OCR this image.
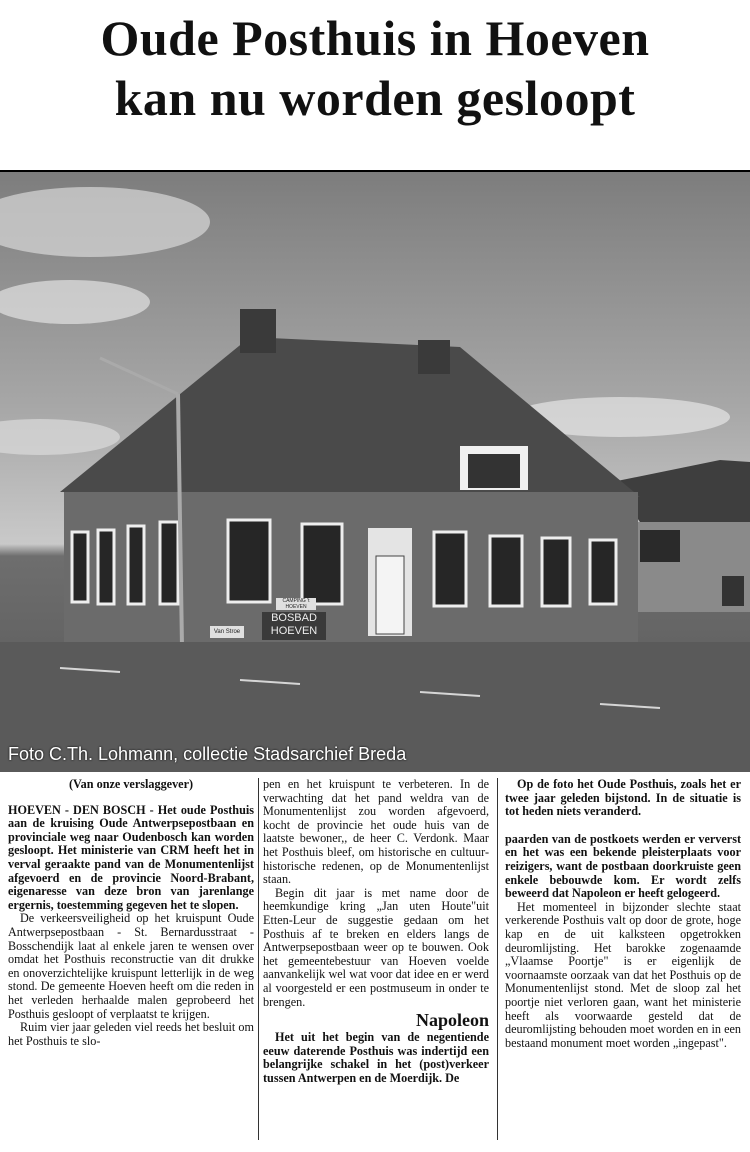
Oude Posthuis in Hoeven
kan nu worden gesloopt
BOSBAD
HOEVEN
CAMPING 't HOEVEN
Van Stroe
Foto C.Th. Lohmann, collectie Stadsarchief Breda

(Van onze verslaggever)

HOEVEN - DEN BOSCH - Het oude Posthuis aan de kruising Oude Antwerpsepostbaan en provinciale weg naar Oudenbosch kan worden gesloopt. Het ministerie van CRM heeft het in verval geraakte pand van de Monumentenlijst afgevoerd en de provincie Noord-Brabant, eigenaresse van deze bron van jarenlange ergernis, toestemming gegeven het te slopen.

De verkeersveiligheid op het kruispunt Oude Antwerpsepostbaan - St. Bernardusstraat - Bosschendijk laat al enkele jaren te wensen over omdat het Posthuis reconstructie van dit drukke en onoverzichtelijke kruispunt letterlijk in de weg stond. De gemeente Hoeven heeft om die reden in het verleden herhaalde malen geprobeerd het Posthuis gesloopt of verplaatst te krijgen.

Ruim vier jaar geleden viel reeds het besluit om het Posthuis te slo-

pen en het kruispunt te verbeteren. In de verwachting dat het pand weldra van de Monumentenlijst zou worden afgevoerd, kocht de provincie het oude huis van de laatste bewoner,, de heer C. Verdonk. Maar het Posthuis bleef, om historische en cultuur-historische redenen, op de Monumentenlijst staan.

Begin dit jaar is met name door de heemkundige kring „Jan uten Houte"uit Etten-Leur de suggestie gedaan om het Posthuis af te breken en elders langs de Antwerpsepostbaan weer op te bouwen. Ook het gemeentebestuur van Hoeven voelde aanvankelijk wel wat voor dat idee en er werd al voorgesteld er een postmuseum in onder te brengen.

Napoleon

Het uit het begin van de negentiende eeuw daterende Posthuis was indertijd een belangrijke schakel in het (post)verkeer tussen Antwerpen en de Moerdijk. De

Op de foto het Oude Posthuis, zoals het er twee jaar geleden bijstond. In de situatie is tot heden niets veranderd.

paarden van de postkoets werden er ververst en het was een bekende pleisterplaats voor reizigers, want de postbaan doorkruiste geen enkele bebouwde kom. Er wordt zelfs beweerd dat Napoleon er heeft gelogeerd.

Het momenteel in bijzonder slechte staat verkerende Posthuis valt op door de grote, hoge kap en de uit kalksteen opgetrokken deuromlijsting. Het barokke zogenaamde „Vlaamse Poortje" is er eigenlijk de voornaamste oorzaak van dat het Posthuis op de Monumentenlijst stond. Met de sloop zal het poortje niet verloren gaan, want het ministerie heeft als voorwaarde gesteld dat de deuromlijsting behouden moet worden en in een bestaand monument moet worden „ingepast".
